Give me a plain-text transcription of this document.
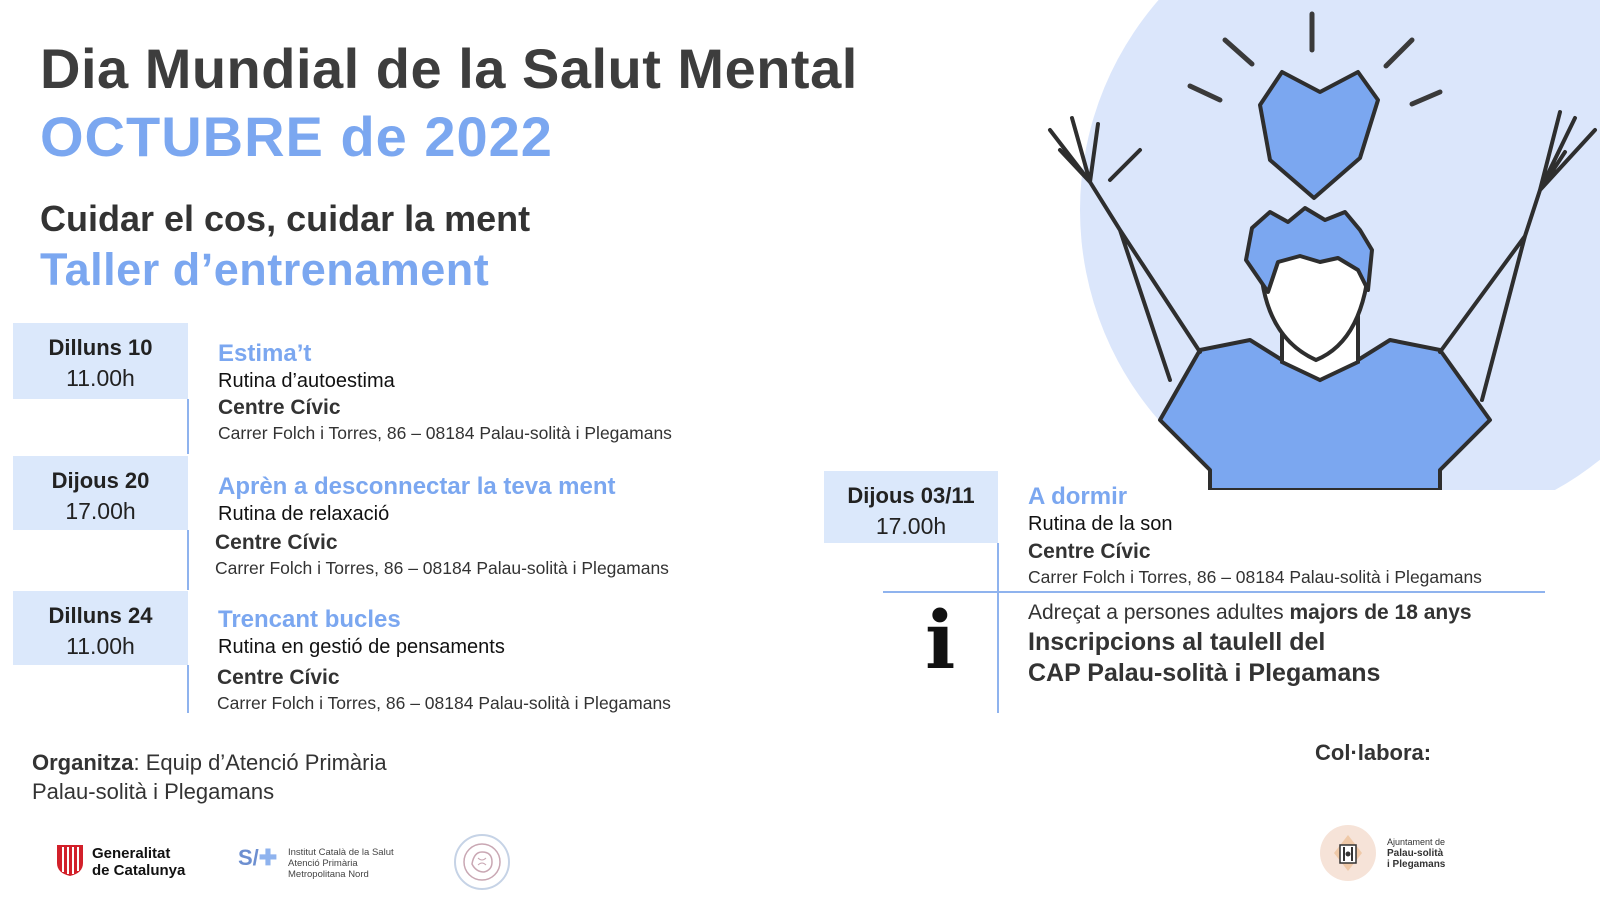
Dia Mundial de la Salut Mental
OCTUBRE de 2022
Cuidar el cos, cuidar la ment
Taller d’entrenament
Dilluns 10
11.00h
Estima’t
Rutina d’autoestima
Centre Cívic
Carrer Folch i Torres, 86 – 08184 Palau-solità i Plegamans
Dijous 20
17.00h
Aprèn a desconnectar la teva ment
Rutina de relaxació
Centre Cívic
Carrer Folch i Torres, 86 – 08184 Palau-solità i Plegamans
Dilluns 24
11.00h
Trencant bucles
Rutina en gestió de pensaments
Centre Cívic
Carrer Folch i Torres, 86 – 08184 Palau-solità i Plegamans
Dijous 03/11
17.00h
A dormir
Rutina de la son
Centre Cívic
Carrer Folch i Torres, 86 – 08184 Palau-solità i Plegamans
i	Adreçat a persones adultes majors de 18 anys
Inscripcions al taulell del
CAP Palau-solità i Plegamans
Organitza: Equip d’Atenció Primària
Palau-solità i Plegamans
Col·labora:
Generalitat
de Catalunya
S/✚ Institut Català de la Salut
Atenció Primària
Metropolitana Nord
Ajuntament de
Palau-solità
i Plegamans
